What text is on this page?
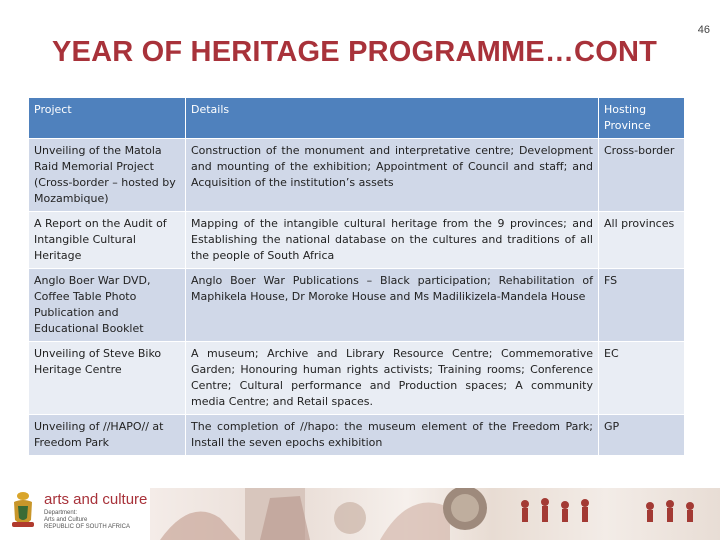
46
YEAR OF HERITAGE PROGRAMME…CONT
Project	Details	Hosting Province
Unveiling of the Matola Raid Memorial Project (Cross-border – hosted by Mozambique)	Construction of the monument and interpretative centre; Development and mounting of the exhibition; Appointment of Council and staff; and Acquisition of the institution’s assets	Cross-border
A Report on the Audit of Intangible Cultural Heritage	Mapping of the intangible cultural heritage from the 9 provinces; and Establishing the national database on the cultures and traditions of all the people of South Africa	All provinces
Anglo Boer War DVD, Coffee Table Photo Publication and Educational Booklet	Anglo Boer War Publications – Black participation; Rehabilitation of Maphikela House, Dr Moroke House and Ms Madilikizela-Mandela House	FS
Unveiling of Steve Biko Heritage Centre	A museum; Archive and Library Resource Centre; Commemorative Garden; Honouring human rights activists; Training rooms; Conference Centre; Cultural performance and Production spaces; A community media Centre; and Retail spaces.	EC
Unveiling of //HAPO// at Freedom Park	The completion of //hapo: the museum element of the Freedom Park; Install the seven epochs exhibition	GP
arts and culture
Department:
Arts and Culture
REPUBLIC OF SOUTH AFRICA
